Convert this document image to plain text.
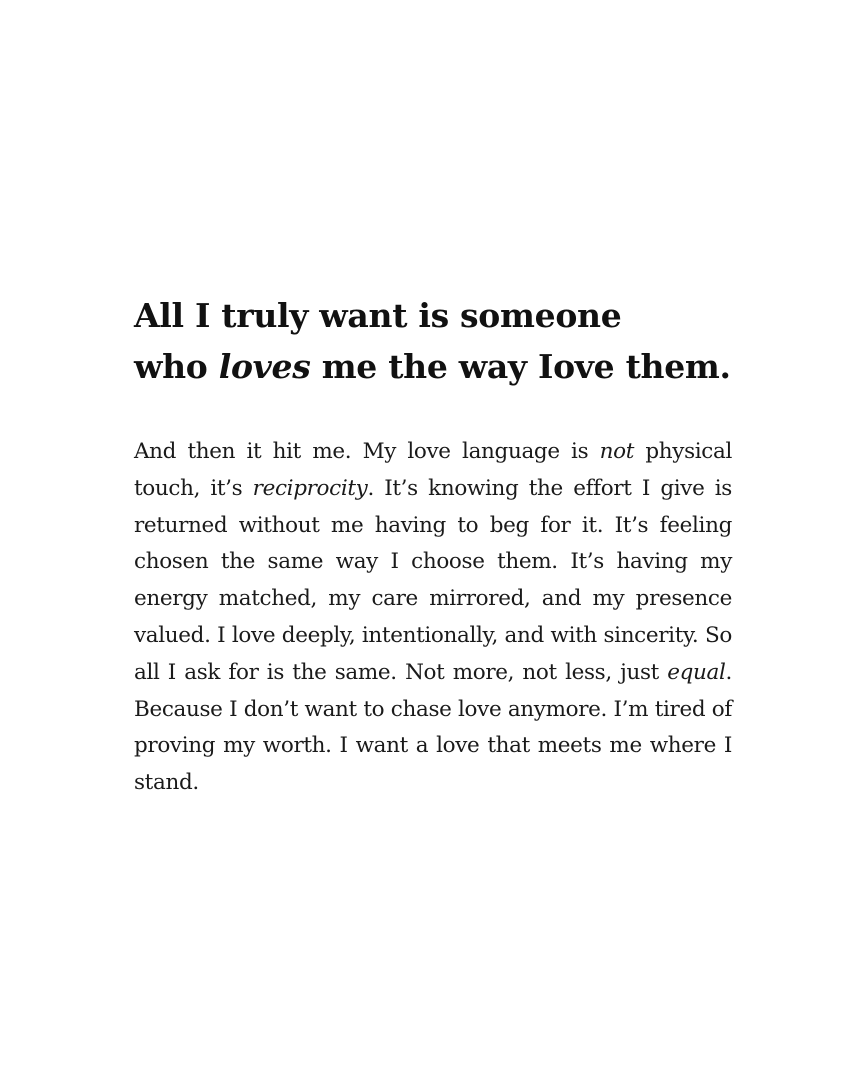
All I truly want is someone
who loves me the way Iove them.

And then it hit me. My love language is not physical touch, it’s reciprocity. It’s knowing the effort I give is returned without me having to beg for it. It’s feeling chosen the same way I choose them. It’s having my energy matched, my care mirrored, and my presence valued. I love deeply, intentionally, and with sincerity. So all I ask for is the same. Not more, not less, just equal. Because I don’t want to chase love anymore. I’m tired of proving my worth. I want a love that meets me where I stand.
